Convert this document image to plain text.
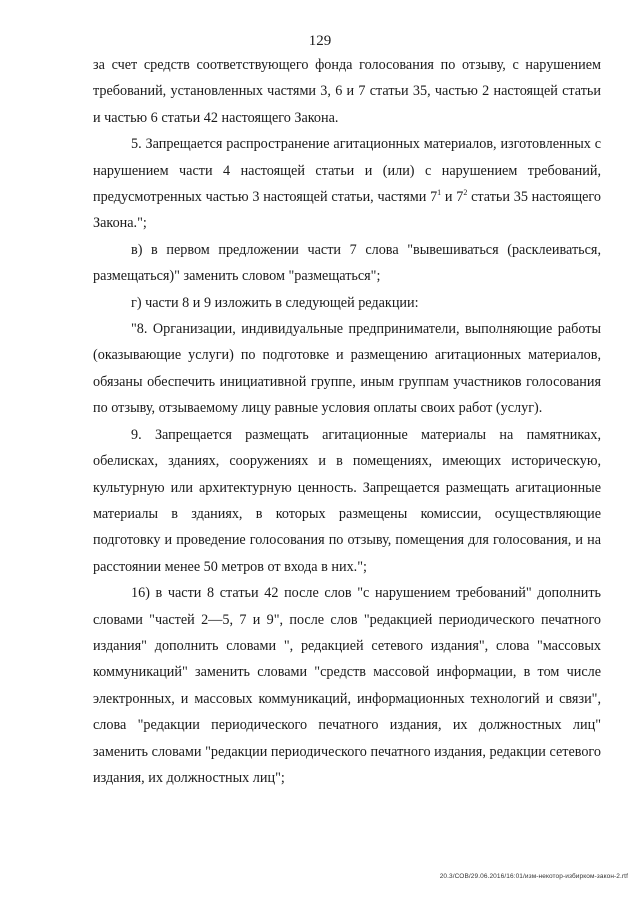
129

за счет средств соответствующего фонда голосования по отзыву, с нарушением требований, установленных частями 3, 6 и 7 статьи 35, частью 2 настоящей статьи и частью 6 статьи 42 настоящего Закона.

5. Запрещается распространение агитационных материалов, изготовленных с нарушением части 4 настоящей статьи и (или) с нарушением требований, предусмотренных частью 3 настоящей статьи, частями $7^1$ и $7^2$ статьи 35 настоящего Закона.";

в) в первом предложении части 7 слова "вывешиваться (расклеиваться, размещаться)" заменить словом "размещаться";

г) части 8 и 9 изложить в следующей редакции:

"8. Организации, индивидуальные предприниматели, выполняющие работы (оказывающие услуги) по подготовке и размещению агитационных материалов, обязаны обеспечить инициативной группе, иным группам участников голосования по отзыву, отзываемому лицу равные условия оплаты своих работ (услуг).

9. Запрещается размещать агитационные материалы на памятниках, обелисках, зданиях, сооружениях и в помещениях, имеющих историческую, культурную или архитектурную ценность. Запрещается размещать агитационные материалы в зданиях, в которых размещены комиссии, осуществляющие подготовку и проведение голосования по отзыву, помещения для голосования, и на расстоянии менее 50 метров от входа в них.";

16) в части 8 статьи 42 после слов "с нарушением требований" дополнить словами "частей 2—5, 7 и 9", после слов "редакцией периодического печатного издания" дополнить словами ", редакцией сетевого издания", слова "массовых коммуникаций" заменить словами "средств массовой информации, в том числе электронных, и массовых коммуникаций, информационных технологий и связи", слова "редакции периодического печатного издания, их должностных лиц" заменить словами "редакции периодического печатного издания, редакции сетевого издания, их должностных лиц";

20.3/СОВ/29.06.2016/16:01/изм-некотор-избирком-закон-2.rtf
